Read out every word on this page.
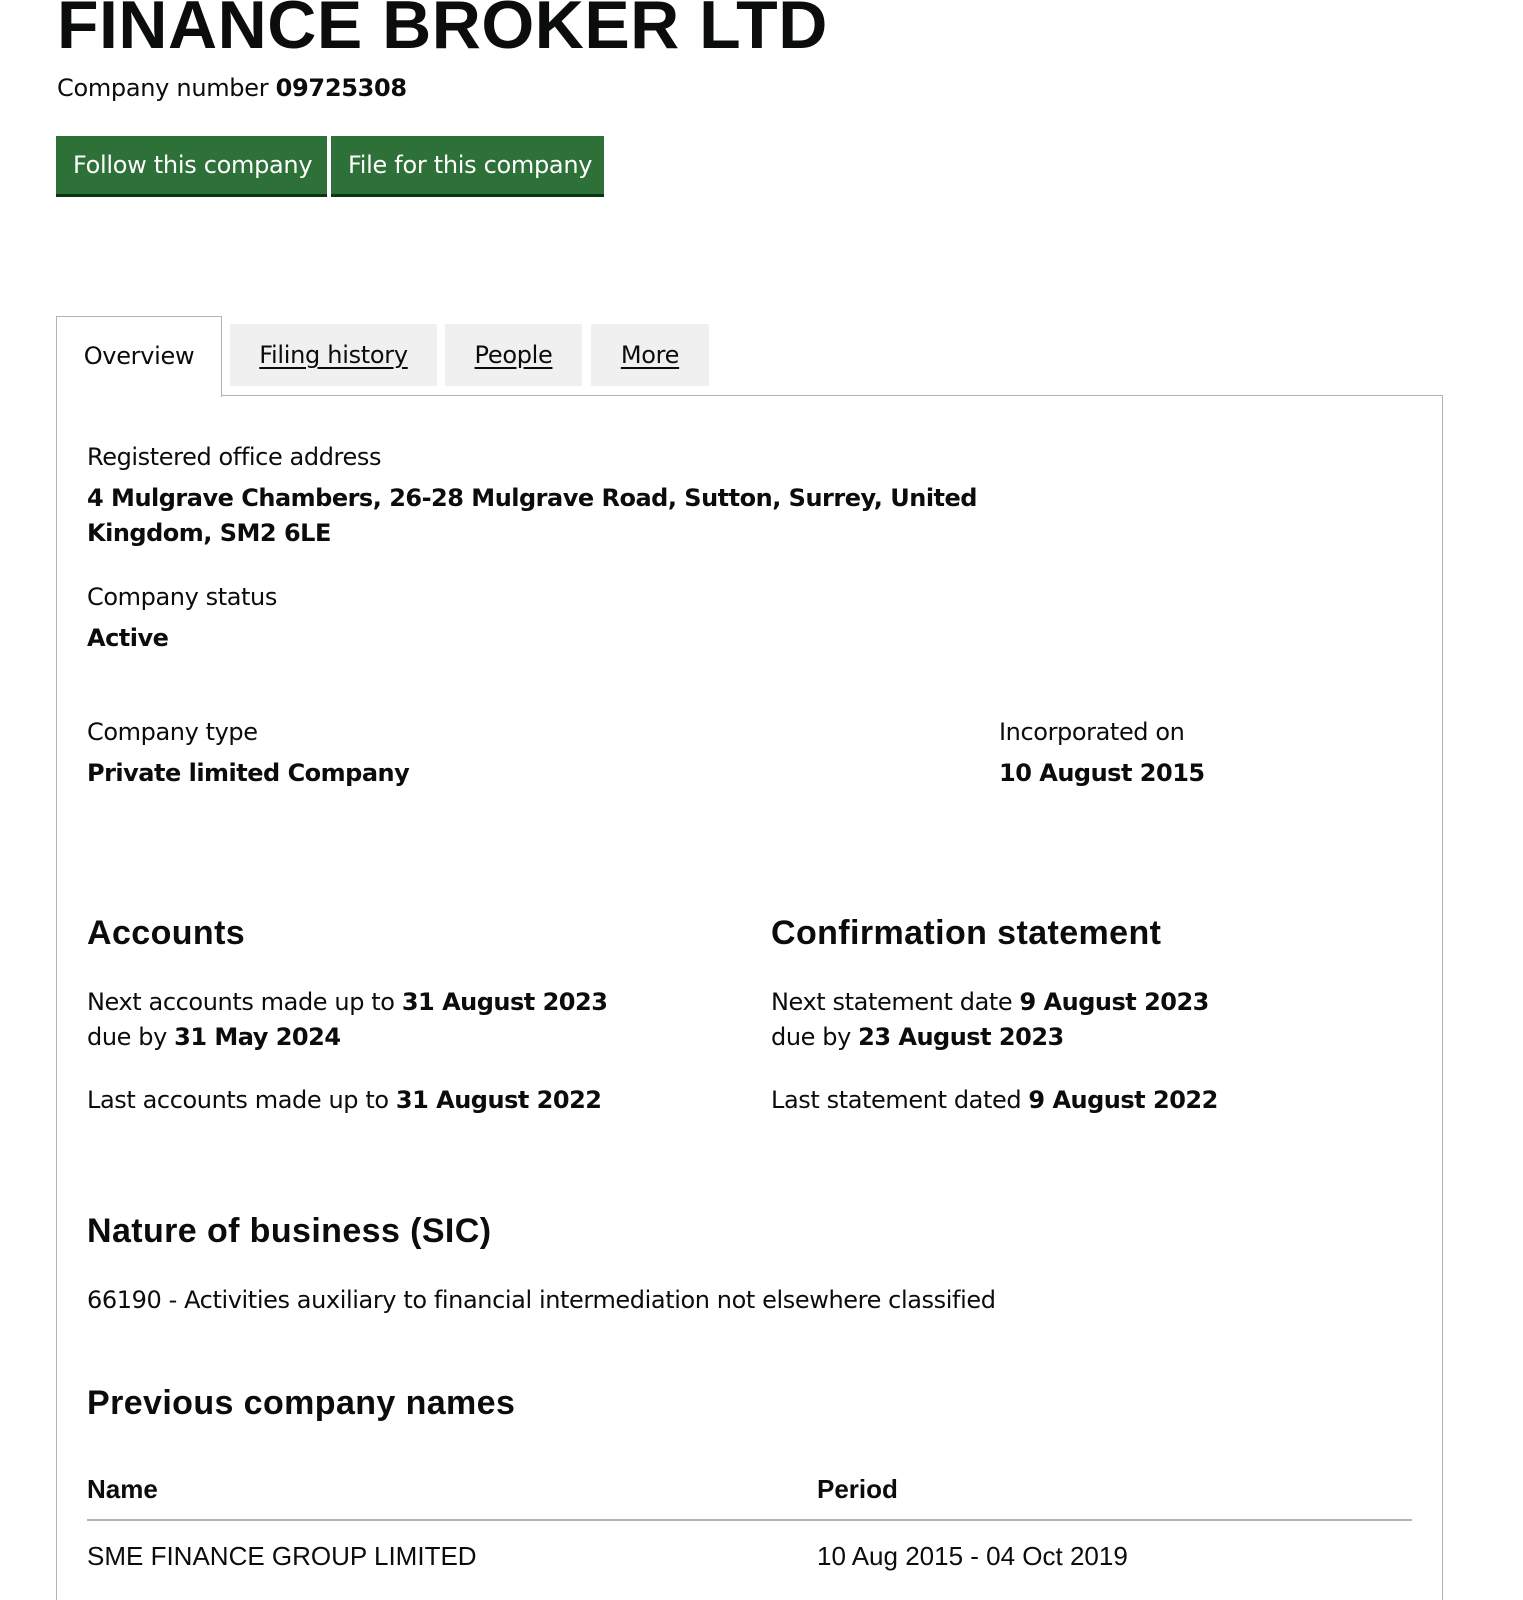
FINANCE BROKER LTD
Company number 09725308
Follow this company	File for this company
Overview	Filing history	People	More
Registered office address
4 Mulgrave Chambers, 26-28 Mulgrave Road, Sutton, Surrey, United
Kingdom, SM2 6LE
Company status
Active
Company type
Private limited Company
Incorporated on
10 August 2015
Accounts
Next accounts made up to 31 August 2023
due by 31 May 2024
Last accounts made up to 31 August 2022
Confirmation statement
Next statement date 9 August 2023
due by 23 August 2023
Last statement dated 9 August 2022
Nature of business (SIC)
66190 - Activities auxiliary to financial intermediation not elsewhere classified
Previous company names
Name	Period
SME FINANCE GROUP LIMITED	10 Aug 2015 - 04 Oct 2019
